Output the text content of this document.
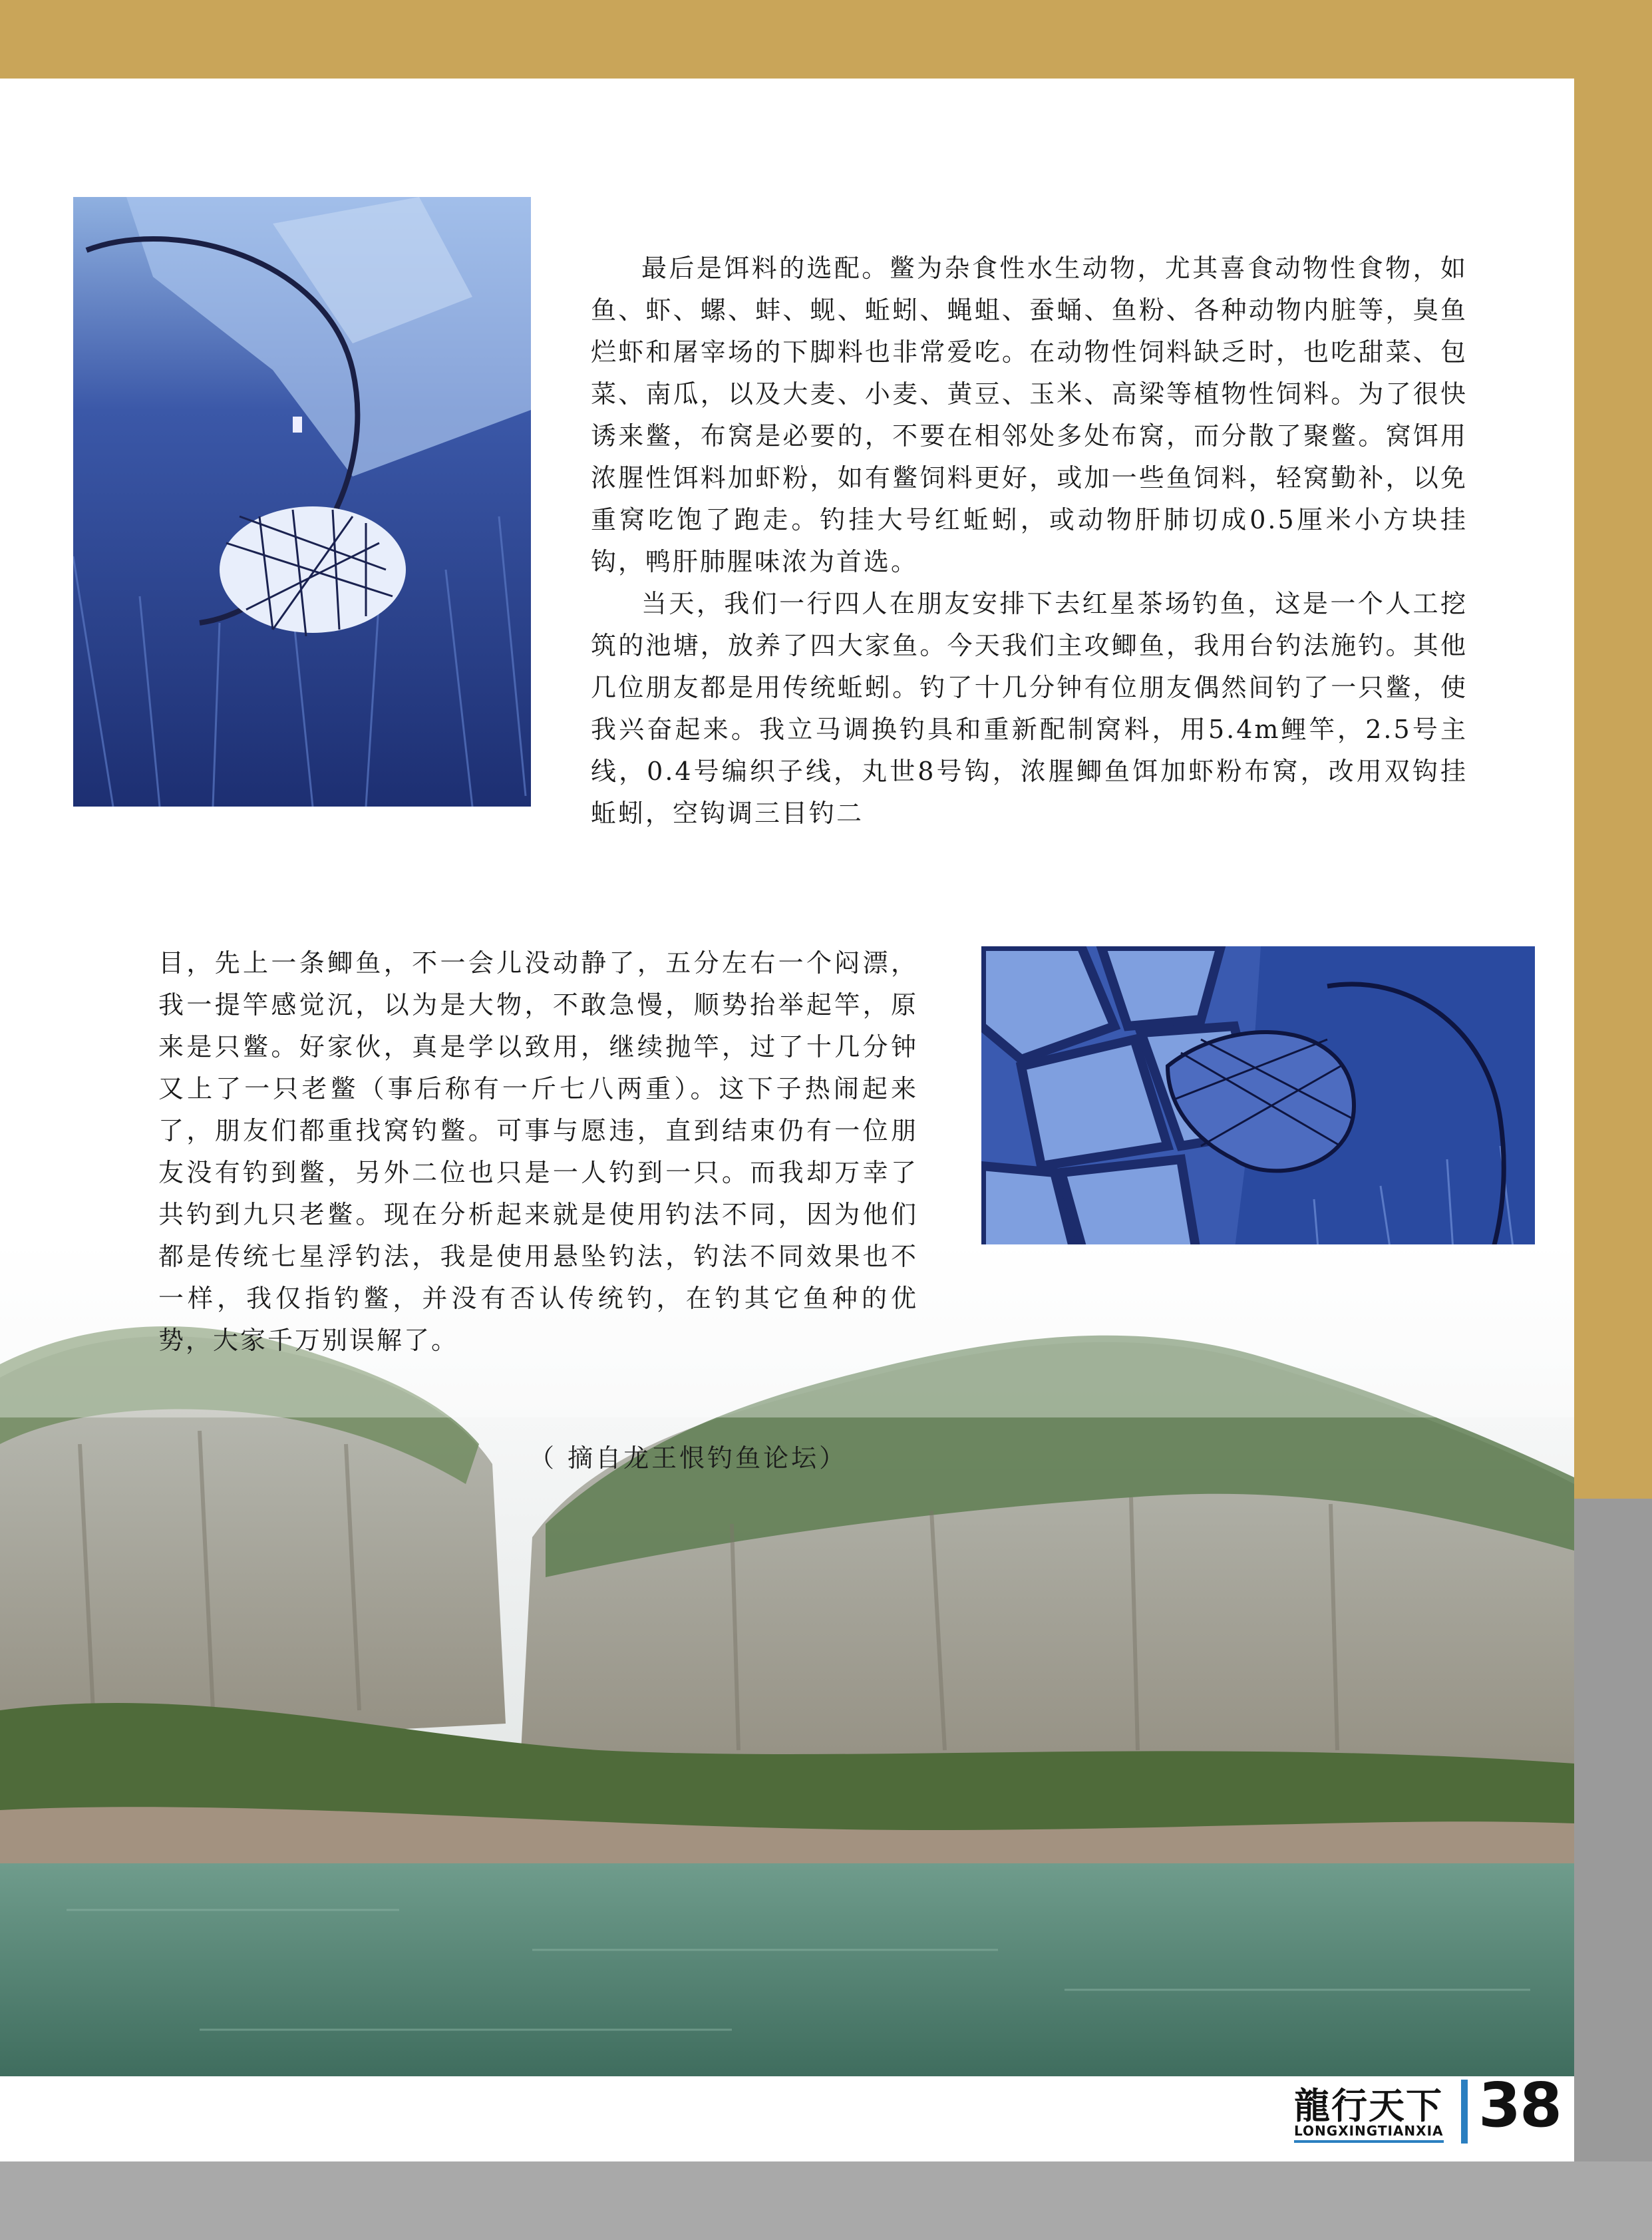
最后是饵料的选配。鳖为杂食性水生动物，尤其喜食动物性食物，如鱼、虾、螺、蚌、蚬、蚯蚓、蝇蛆、蚕蛹、鱼粉、各种动物内脏等，臭鱼烂虾和屠宰场的下脚料也非常爱吃。在动物性饲料缺乏时，也吃甜菜、包菜、南瓜，以及大麦、小麦、黄豆、玉米、高梁等植物性饲料。为了很快诱来鳖，布窝是必要的，不要在相邻处多处布窝，而分散了聚鳖。窝饵用浓腥性饵料加虾粉，如有鳖饲料更好，或加一些鱼饲料，轻窝勤补，以免重窝吃饱了跑走。钓挂大号红蚯蚓，或动物肝肺切成0.5厘米小方块挂钩，鸭肝肺腥味浓为首选。

当天，我们一行四人在朋友安排下去红星茶场钓鱼，这是一个人工挖筑的池塘，放养了四大家鱼。今天我们主攻鲫鱼，我用台钓法施钓。其他几位朋友都是用传统蚯蚓。钓了十几分钟有位朋友偶然间钓了一只鳖，使我兴奋起来。我立马调换钓具和重新配制窝料，用5.4m鲤竿，2.5号主线，0.4号编织子线，丸世8号钩，浓腥鲫鱼饵加虾粉布窝，改用双钩挂蚯蚓，空钩调三目钓二

目，先上一条鲫鱼，不一会儿没动静了，五分左右一个闷漂，我一提竿感觉沉，以为是大物，不敢急慢，顺势抬举起竿，原来是只鳖。好家伙，真是学以致用，继续抛竿，过了十几分钟又上了一只老鳖（事后称有一斤七八两重）。这下子热闹起来了，朋友们都重找窝钓鳖。可事与愿违，直到结束仍有一位朋友没有钓到鳖，另外二位也只是一人钓到一只。而我却万幸了共钓到九只老鳖。现在分析起来就是使用钓法不同，因为他们都是传统七星浮钓法，我是使用悬坠钓法，钓法不同效果也不一样，我仅指钓鳖，并没有否认传统钓，在钓其它鱼种的优势，大家千万别误解了。

（ 摘自龙王恨钓鱼论坛）
龍行天下
LONGXINGTIANXIA 38
